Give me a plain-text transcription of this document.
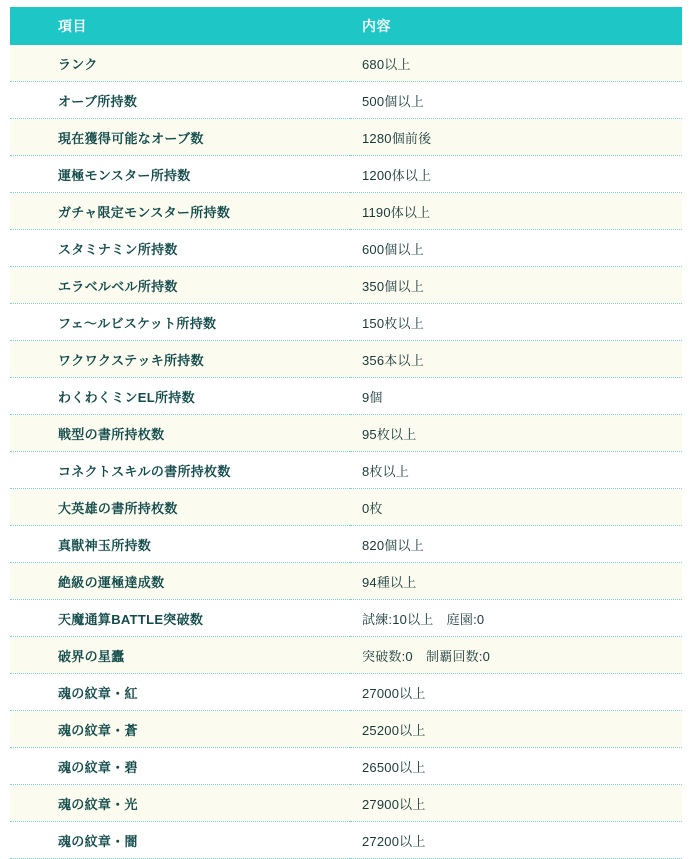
項目	内容
ランク	680以上
オーブ所持数	500個以上
現在獲得可能なオーブ数	1280個前後
運極モンスター所持数	1200体以上
ガチャ限定モンスター所持数	1190体以上
スタミナミン所持数	600個以上
エラベルベル所持数	350個以上
フェ～ルビスケット所持数	150枚以上
ワクワクステッキ所持数	356本以上
わくわくミンEL所持数	9個
戦型の書所持枚数	95枚以上
コネクトスキルの書所持枚数	8枚以上
大英雄の書所持枚数	0枚
真獣神玉所持数	820個以上
絶級の運極達成数	94種以上
天魔通算BATTLE突破数	試練:10以上　庭園:0
破界の星蠹	突破数:0　制覇回数:0
魂の紋章・紅	27000以上
魂の紋章・蒼	25200以上
魂の紋章・碧	26500以上
魂の紋章・光	27900以上
魂の紋章・闇	27200以上
